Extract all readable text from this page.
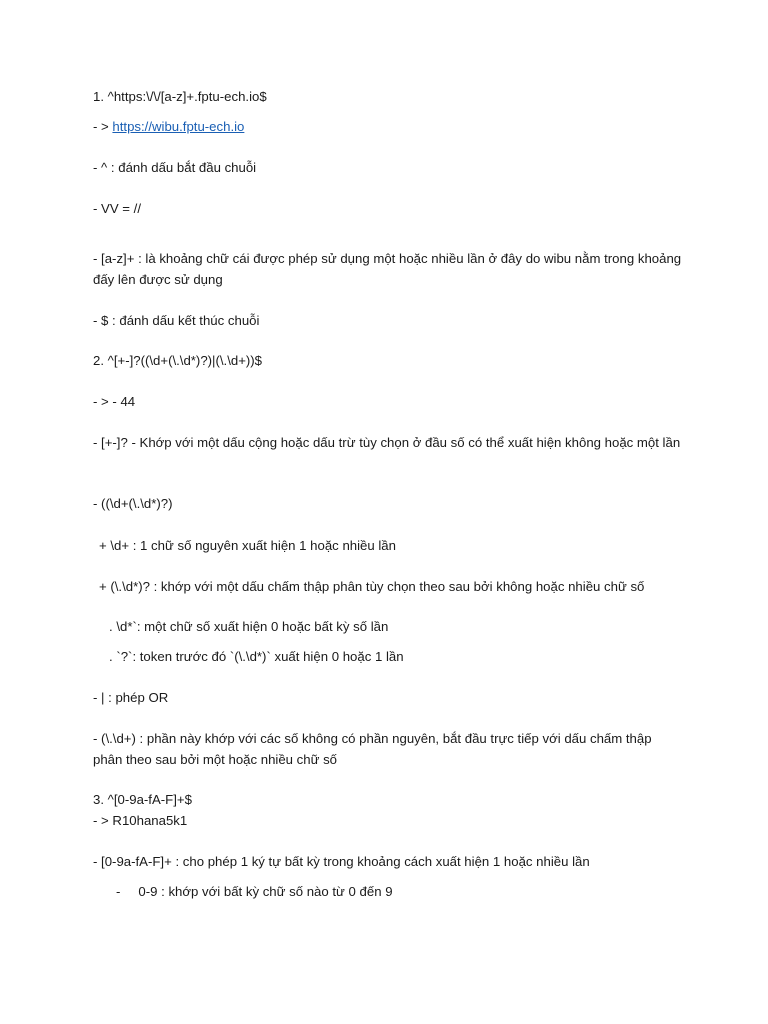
1. ^https:\/\/[a-z]+.fptu-ech.io$
- > https://wibu.fptu-ech.io
- ^ : đánh dấu bắt đầu chuỗi
- VV = //
- [a-z]+ : là khoảng chữ cái được phép sử dụng một hoặc nhiều lần ở đây do wibu nằm trong khoảng đấy lên được sử dụng
- $ : đánh dấu kết thúc chuỗi
2. ^[+-]?((\d+(\.\d*)?)|(\.\d+))$
- > - 44
- [+-]? - Khớp với một dấu cộng hoặc dấu trừ tùy chọn ở đầu số có thể xuất hiện không hoặc một lần
- ((\d+(\.\d*)?)
+ \d+ : 1 chữ số nguyên xuất hiện 1 hoặc nhiều lần
+ (\.\d*)? : khớp với một dấu chấm thập phân tùy chọn theo sau bởi không hoặc nhiều chữ số
. \d*`: một chữ số xuất hiện 0 hoặc bất kỳ số lần
. `?`: token trước đó `(\.\d*)` xuất hiện 0 hoặc 1 lần
- | : phép OR
- (\.\d+) : phần này khớp với các số không có phần nguyên, bắt đầu trực tiếp với dấu chấm thập phân theo sau bởi một hoặc nhiều chữ số
3. ^[0-9a-fA-F]+$
- > R10hana5k1
- [0-9a-fA-F]+ : cho phép 1 ký tự bất kỳ trong khoảng cách xuất hiện 1 hoặc nhiều lần
- 0-9 : khớp với bất kỳ chữ số nào từ 0 đến 9
